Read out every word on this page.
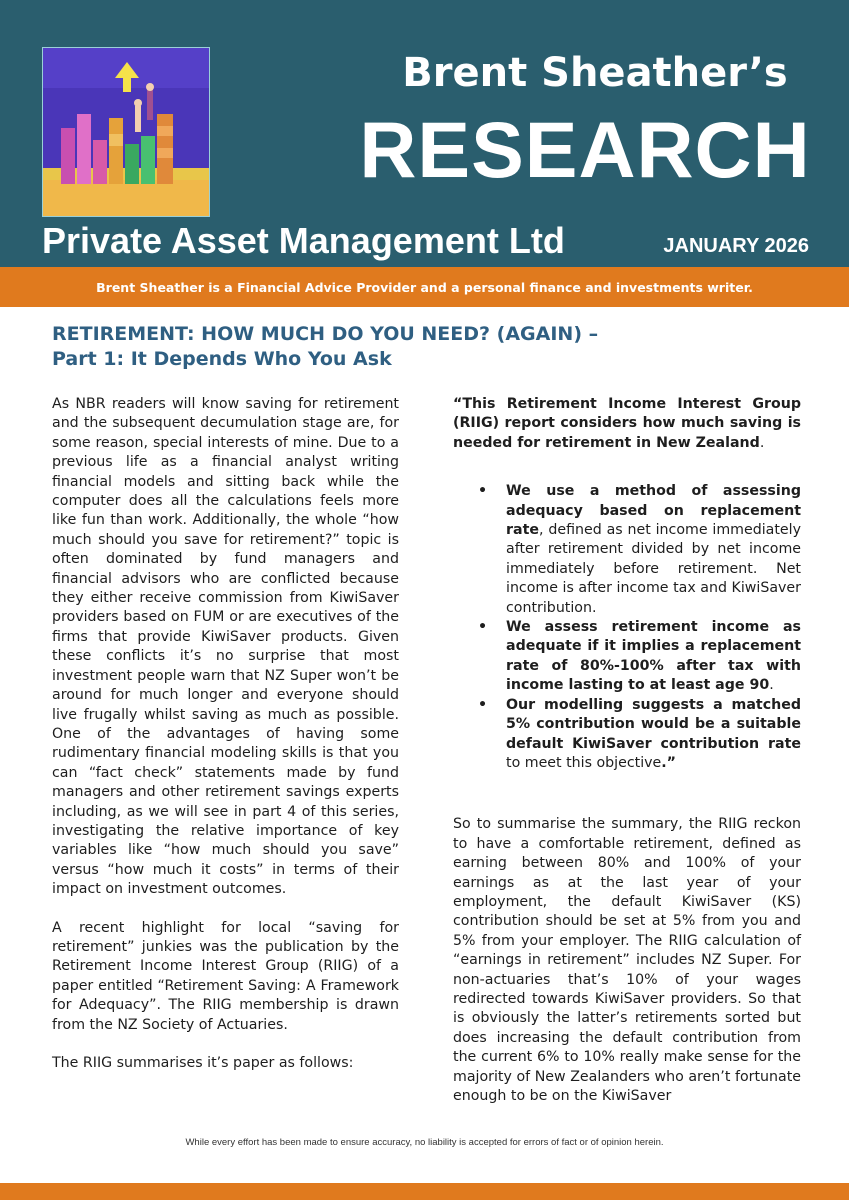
Brent Sheather’s
RESEARCH
Private Asset Management Ltd	JANUARY 2026
Brent Sheather is a Financial Advice Provider and a personal finance and investments writer.
RETIREMENT: HOW MUCH DO YOU NEED? (AGAIN) –
Part 1: It Depends Who You Ask

As NBR readers will know saving for retirement and the subsequent decumulation stage are, for some reason, special interests of mine. Due to a previous life as a financial analyst writing financial models and sitting back while the computer does all the calculations feels more like fun than work. Additionally, the whole “how much should you save for retirement?” topic is often dominated by fund managers and financial advisors who are conflicted because they either receive commission from KiwiSaver providers based on FUM or are executives of the firms that provide KiwiSaver products. Given these conflicts it’s no surprise that most investment people warn that NZ Super won’t be around for much longer and everyone should live frugally whilst saving as much as possible. One of the advantages of having some rudimentary financial modeling skills is that you can “fact check” statements made by fund managers and other retirement savings experts including, as we will see in part 4 of this series, investigating the relative importance of key variables like “how much should you save” versus “how much it costs” in terms of their impact on investment outcomes.

A recent highlight for local “saving for retirement” junkies was the publication by the Retirement Income Interest Group (RIIG) of a paper entitled “Retirement Saving: A Framework for Adequacy”. The RIIG membership is drawn from the NZ Society of Actuaries.

The RIIG summarises it’s paper as follows:

“This Retirement Income Interest Group (RIIG) report considers how much saving is needed for retirement in New Zealand.

• We use a method of assessing adequacy based on replacement rate, defined as net income immediately after retirement divided by net income immediately before retirement. Net income is after income tax and KiwiSaver contribution.
• We assess retirement income as adequate if it implies a replacement rate of 80%-100% after tax with income lasting to at least age 90.
• Our modelling suggests a matched 5% contribution would be a suitable default KiwiSaver contribution rate to meet this objective.”

So to summarise the summary, the RIIG reckon to have a comfortable retirement, defined as earning between 80% and 100% of your earnings as at the last year of your employment, the default KiwiSaver (KS) contribution should be set at 5% from you and 5% from your employer. The RIIG calculation of “earnings in retirement” includes NZ Super. For non-actuaries that’s 10% of your wages redirected towards KiwiSaver providers. So that is obviously the latter’s retirements sorted but does increasing the default contribution from the current 6% to 10% really make sense for the majority of New Zealanders who aren’t fortunate enough to be on the KiwiSaver

While every effort has been made to ensure accuracy, no liability is accepted for errors of fact or of opinion herein.
